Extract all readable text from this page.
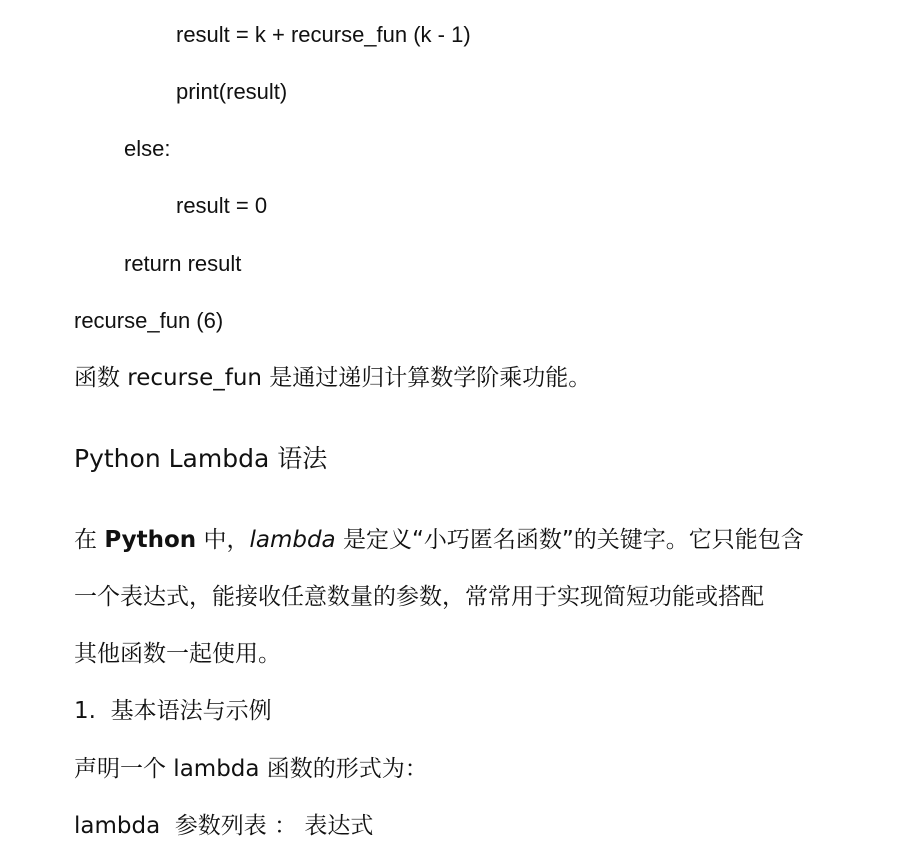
result = k + recurse_fun (k - 1)
print(result)
else:
result = 0
return result
recurse_fun (6)
函数 recurse_fun 是通过递归计算数学阶乘功能。
Python Lambda 语法
在 Python 中，lambda 是定义“小巧匿名函数”的关键字。它只能包含
一个表达式，能接收任意数量的参数，常常用于实现简短功能或搭配
其他函数一起使用。
1.  基本语法与示例
声明一个 lambda 函数的形式为：
lambda  参数列表 ： 表达式
